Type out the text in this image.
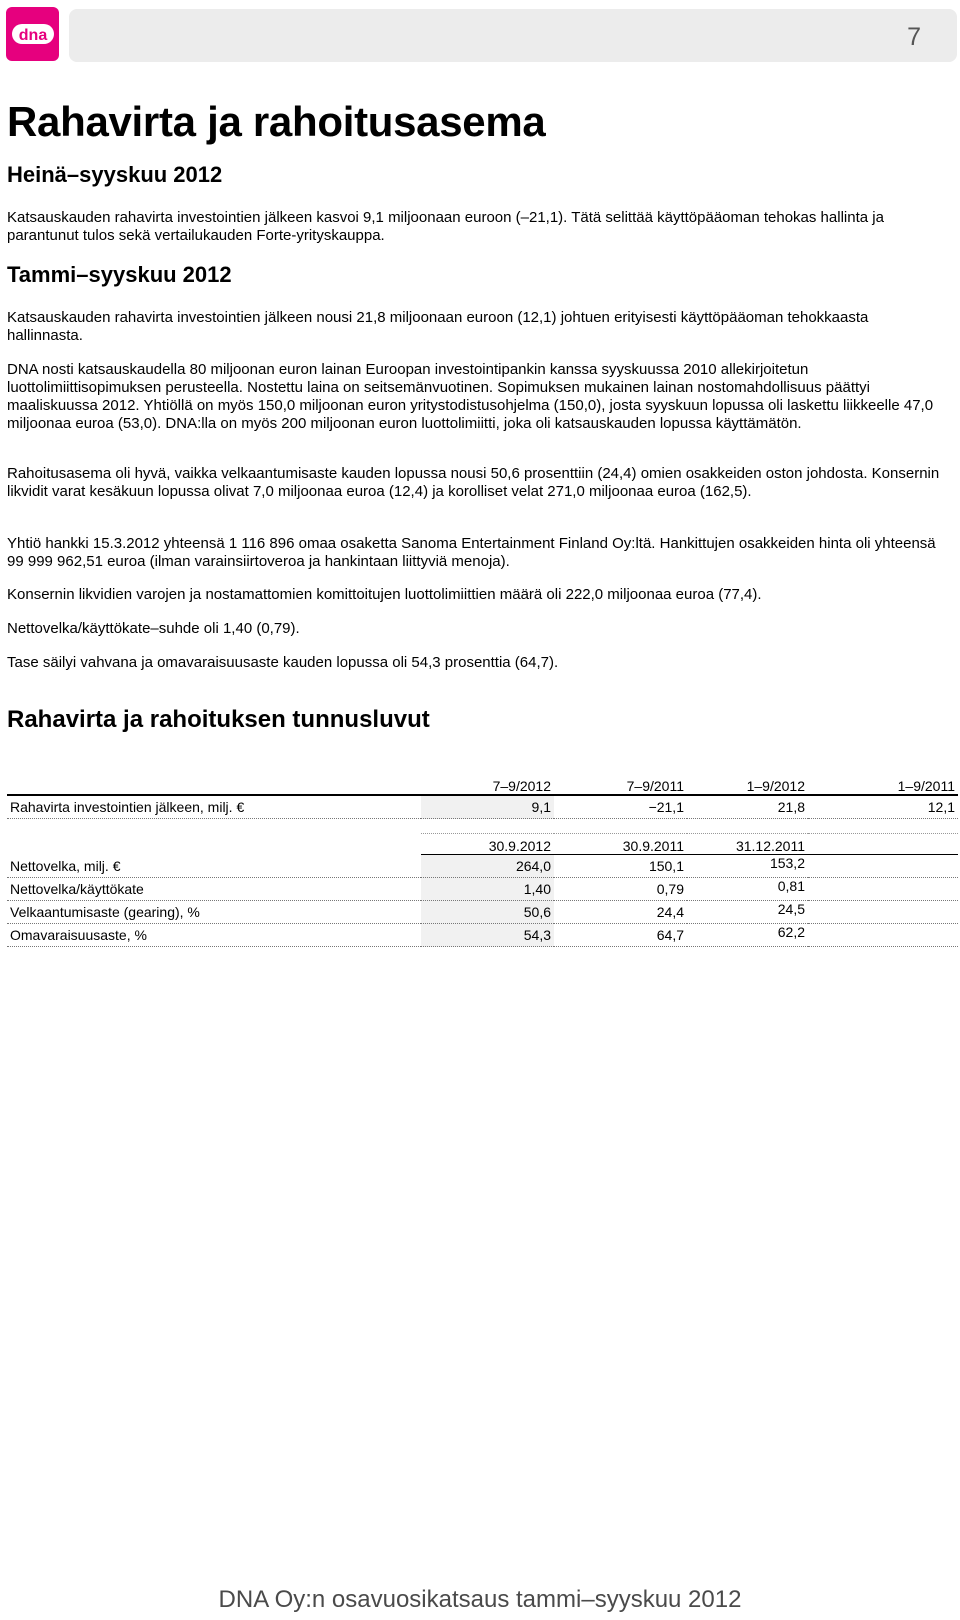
dna	7
Rahavirta ja rahoitusasema
Heinä–syyskuu 2012
Katsauskauden rahavirta investointien jälkeen kasvoi 9,1 miljoonaan euroon (–21,1). Tätä selittää käyttöpääoman tehokas hallinta ja parantunut tulos sekä vertailukauden Forte-yrityskauppa.
Tammi–syyskuu 2012
Katsauskauden rahavirta investointien jälkeen nousi 21,8 miljoonaan euroon (12,1) johtuen erityisesti käyttöpääoman tehokkaasta hallinnasta.
DNA nosti katsauskaudella 80 miljoonan euron lainan Euroopan investointipankin kanssa syyskuussa 2010 allekirjoitetun luottolimiittisopimuksen perusteella. Nostettu laina on seitsemänvuotinen. Sopimuksen mukainen lainan nostomahdollisuus päättyi maaliskuussa 2012. Yhtiöllä on myös 150,0 miljoonan euron yritystodistusohjelma (150,0), josta syyskuun lopussa oli laskettu liikkeelle 47,0 miljoonaa euroa (53,0). DNA:lla on myös 200 miljoonan euron luottolimiitti, joka oli katsauskauden lopussa käyttämätön.
Rahoitusasema oli hyvä, vaikka velkaantumisaste kauden lopussa nousi 50,6 prosenttiin (24,4) omien osakkeiden oston johdosta. Konsernin likvidit varat kesäkuun lopussa olivat 7,0 miljoonaa euroa (12,4) ja korolliset velat 271,0 miljoonaa euroa (162,5).
Yhtiö hankki 15.3.2012 yhteensä 1 116 896 omaa osaketta Sanoma Entertainment Finland Oy:ltä. Hankittujen osakkeiden hinta oli yhteensä 99 999 962,51 euroa (ilman varainsiirtoveroa ja hankintaan liittyviä menoja).
Konsernin likvidien varojen ja nostamattomien komittoitujen luottolimiittien määrä oli 222,0 miljoonaa euroa (77,4).
Nettovelka/käyttökate–suhde oli 1,40 (0,79).
Tase säilyi vahvana ja omavaraisuusaste kauden lopussa oli 54,3 prosenttia (64,7).
Rahavirta ja rahoituksen tunnusluvut
	7–9/2012	7–9/2011	1–9/2012	1–9/2011
Rahavirta investointien jälkeen, milj. €	9,1	−21,1	21,8	12,1

	30.9.2012	30.9.2011	31.12.2011	
Nettovelka, milj. €	264,0	150,1	153,2	
Nettovelka/käyttökate	1,40	0,79	0,81	
Velkaantumisaste (gearing), %	50,6	24,4	24,5	
Omavaraisuusaste, %	54,3	64,7	62,2	
DNA Oy:n osavuosikatsaus tammi–syyskuu 2012
